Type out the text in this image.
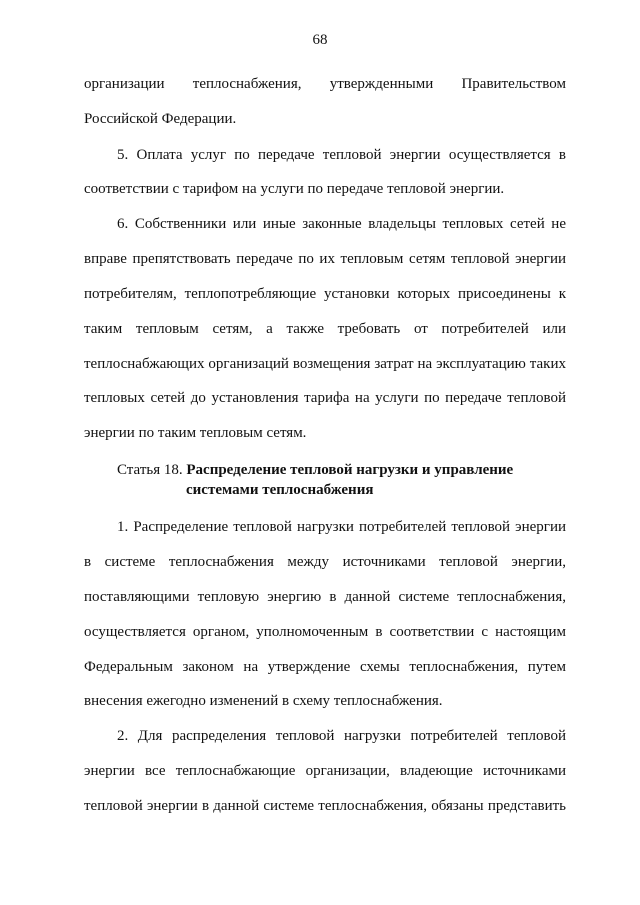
68
организации теплоснабжения, утвержденными Правительством
Российской Федерации.
5. Оплата услуг по передаче тепловой энергии осуществляется в
соответствии с тарифом на услуги по передаче тепловой энергии.
6. Собственники или иные законные владельцы тепловых сетей не
вправе препятствовать передаче по их тепловым сетям тепловой энергии
потребителям, теплопотребляющие установки которых присоединены к
таким тепловым сетям, а также требовать от потребителей или
теплоснабжающих организаций возмещения затрат на эксплуатацию таких
тепловых сетей до установления тарифа на услуги по передаче тепловой
энергии по таким тепловым сетям.
Статья 18. Распределение тепловой нагрузки и управление
системами теплоснабжения
1. Распределение тепловой нагрузки потребителей тепловой энергии
в системе теплоснабжения между источниками тепловой энергии,
поставляющими тепловую энергию в данной системе теплоснабжения,
осуществляется органом, уполномоченным в соответствии с настоящим
Федеральным законом на утверждение схемы теплоснабжения, путем
внесения ежегодно изменений в схему теплоснабжения.
2. Для распределения тепловой нагрузки потребителей тепловой
энергии все теплоснабжающие организации, владеющие источниками
тепловой энергии в данной системе теплоснабжения, обязаны представить
